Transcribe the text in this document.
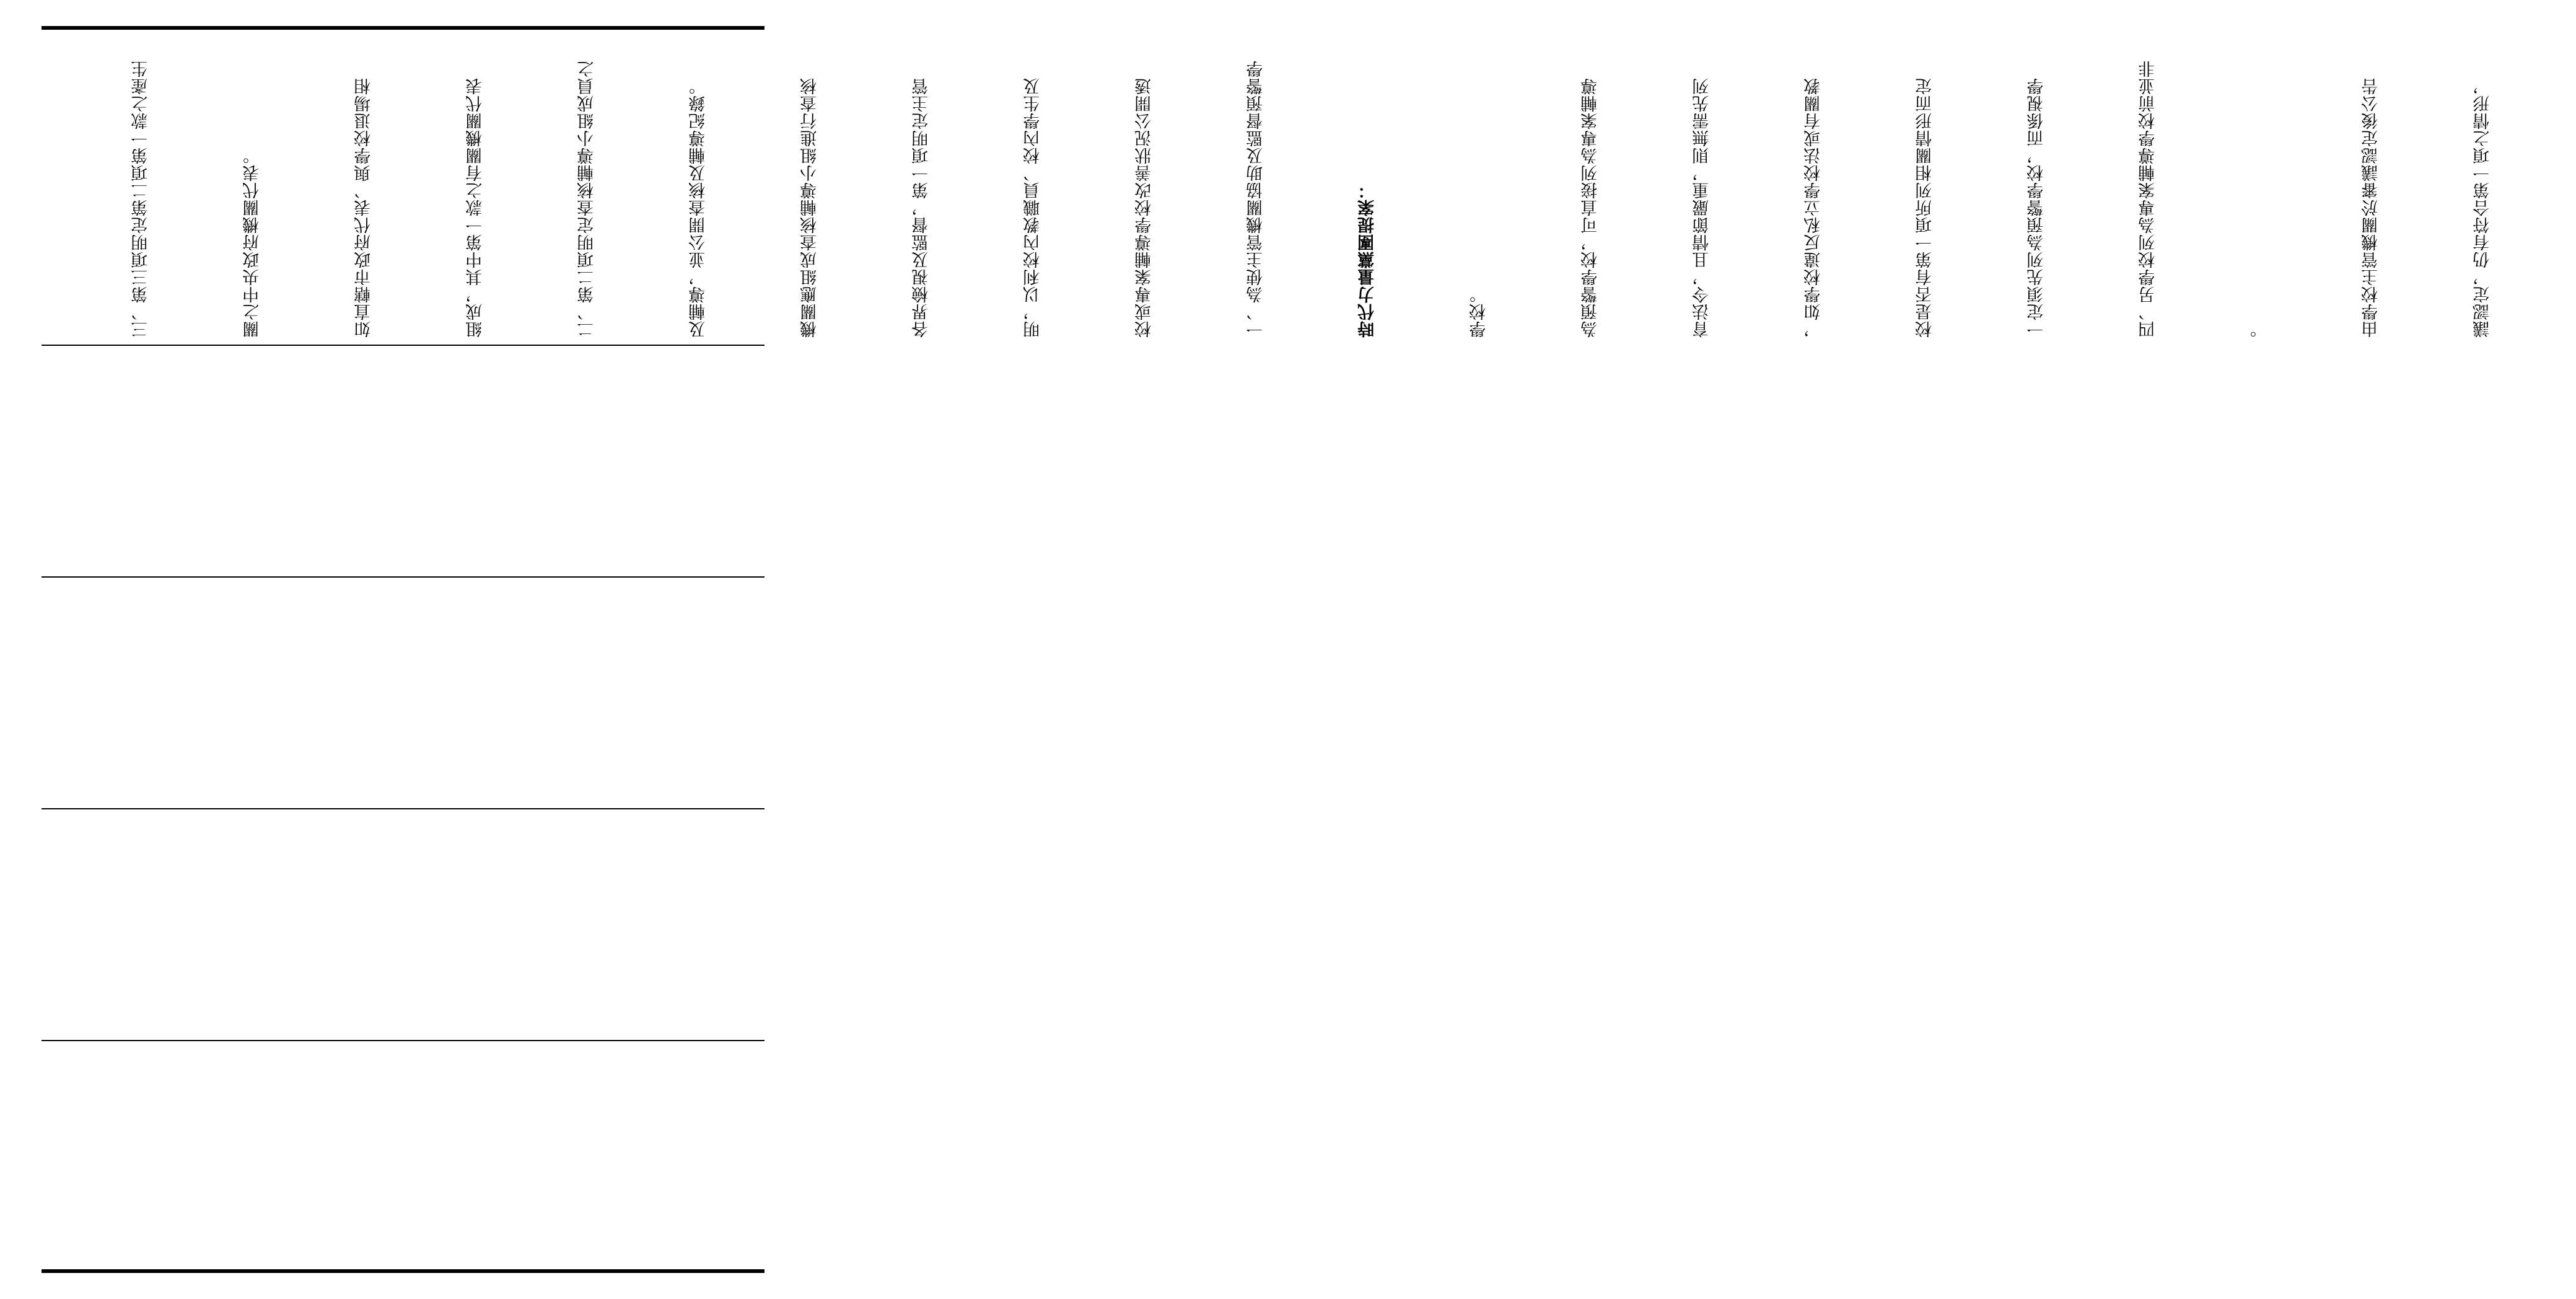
三、第三項明定第二項第一款之產生

	關之中央政府機關代表。

	如直轄市政府代表、與學校退場相

	組成，其中第一款之有關機關代表

	二、第二項明定查核輔導小組成員之

	及輔導，並公開查核及輔導紀錄。

	機關應組成查核輔導小組進行查核

	各界檢視及監督，第一項明定主管

	明，以利校內教職員、校內學生及

	校或專案輔導學校改善狀況公開透

	一、為使主管機關協助及監督預警學

	時代力量黨團提案：

	學校。

	為預警學校，可直接列為專案輔導

	育法令，且情節嚴重，則無需先列

	，如學校違反私立學校法或有關教

	校是否有第一項所列相關情形而定

	一定須先列為預警學校，而係視學

	四、另學校列為專案輔導學校前並非

	。

	由學校主管機關於審議認定後公告

	議認定，仍有符合第一項之情形，
